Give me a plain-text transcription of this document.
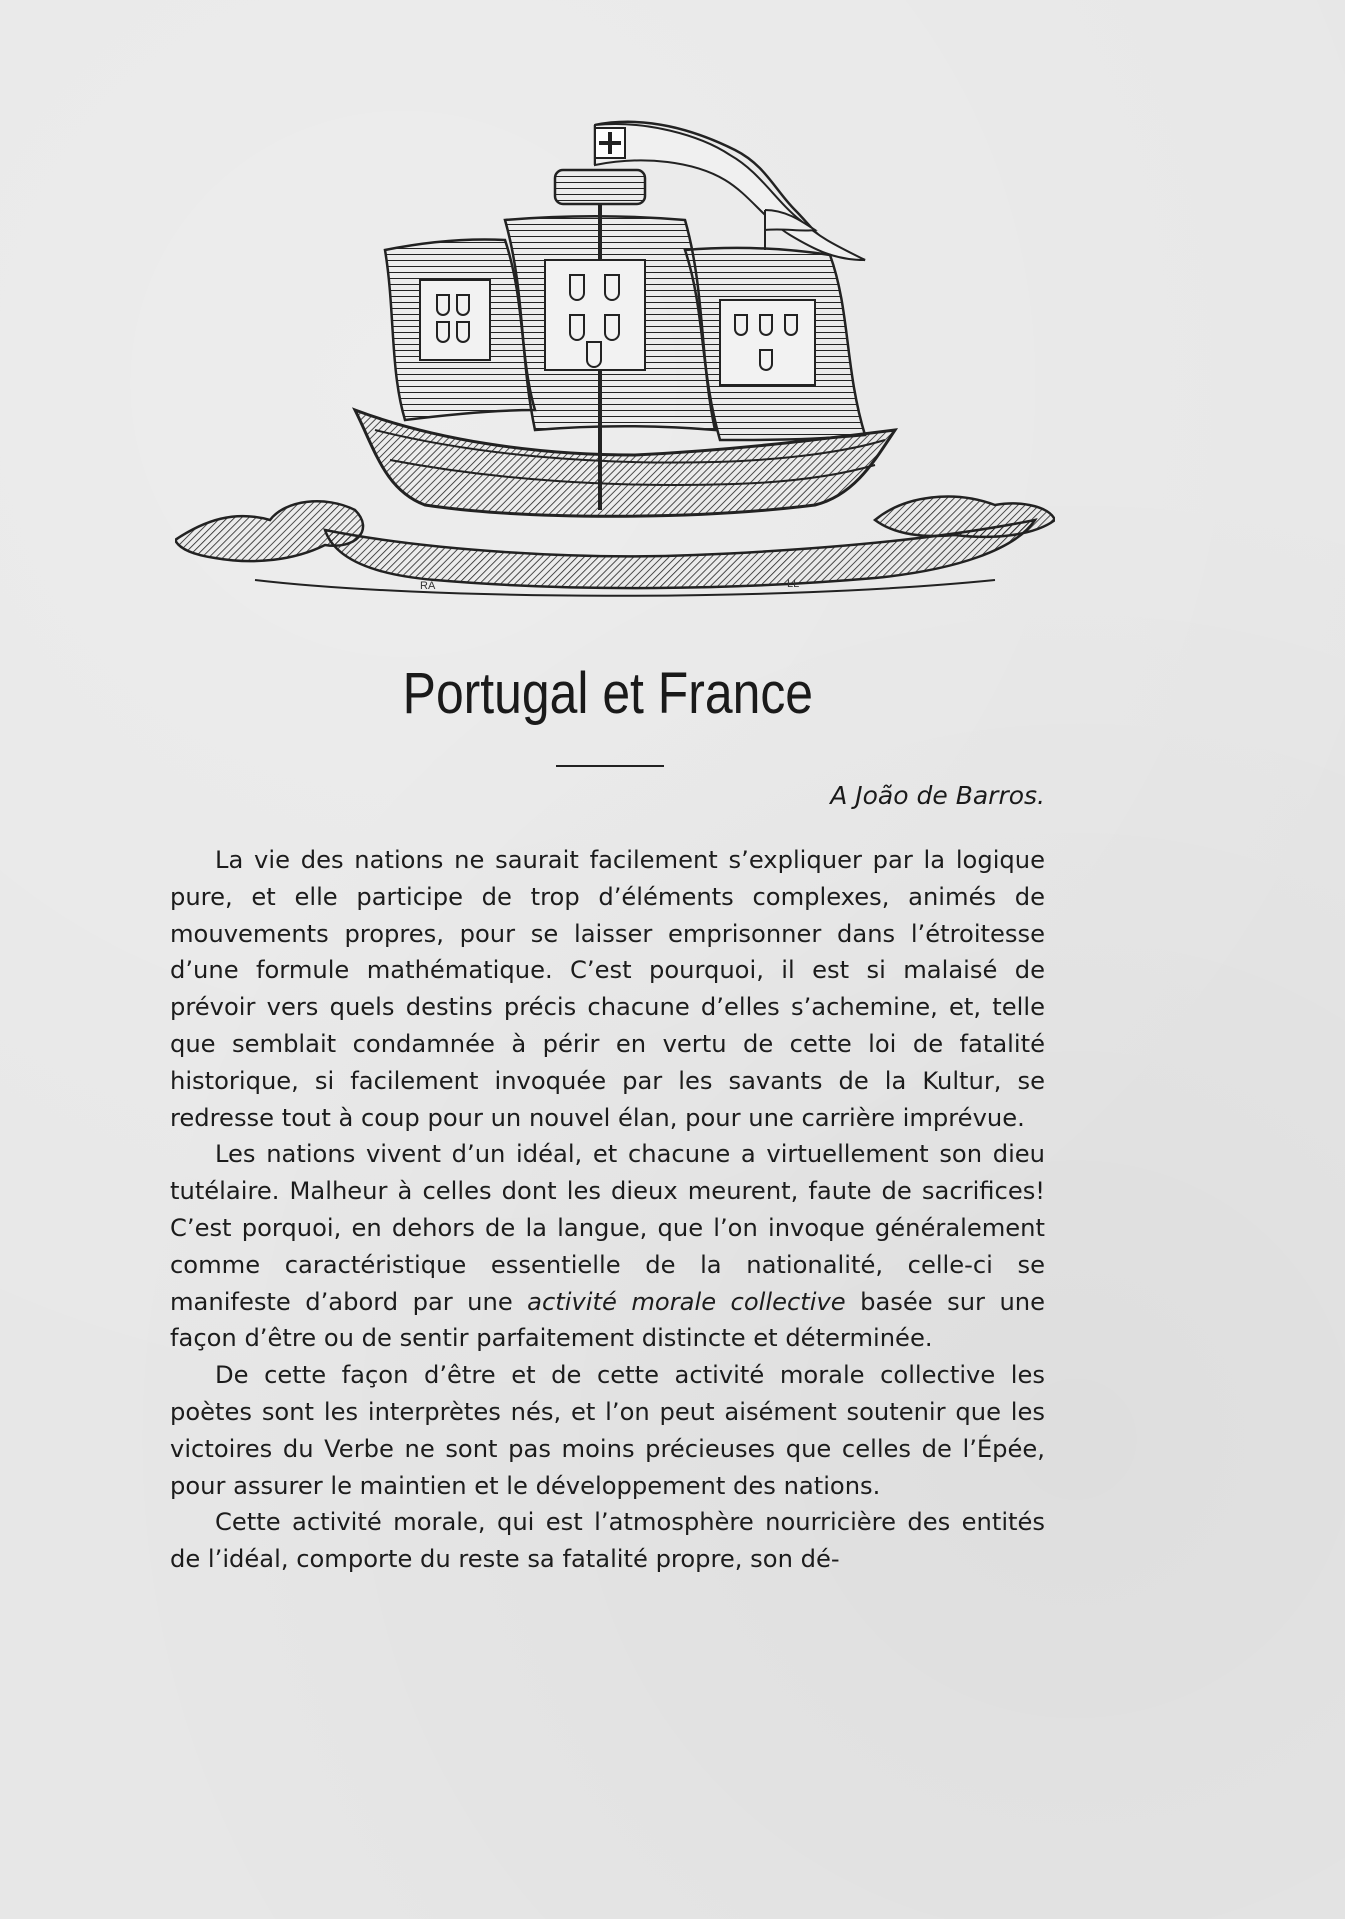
RA	LL
Portugal et France
A João de Barros.

La vie des nations ne saurait facilement s’expliquer par la logique pure, et elle participe de trop d’éléments complexes, animés de mouvements propres, pour se laisser emprisonner dans l’étroitesse d’une formule mathématique. C’est pourquoi, il est si malaisé de prévoir vers quels destins précis chacune d’elles s’achemine, et, telle que semblait condamnée à périr en vertu de cette loi de fatalité historique, si facilement invoquée par les savants de la Kultur, se redresse tout à coup pour un nouvel élan, pour une carrière imprévue.

Les nations vivent d’un idéal, et chacune a virtuellement son dieu tutélaire. Malheur à celles dont les dieux meurent, faute de sacrifices! C’est porquoi, en dehors de la langue, que l’on invoque généralement comme caractéristique essentielle de la nationalité, celle-ci se manifeste d’abord par une activité morale collective basée sur une façon d’être ou de sentir parfaitement distincte et déterminée.

De cette façon d’être et de cette activité morale collective les poètes sont les interprètes nés, et l’on peut aisément soutenir que les victoires du Verbe ne sont pas moins précieuses que celles de l’Épée, pour assurer le maintien et le développement des nations.

Cette activité morale, qui est l’atmosphère nourricière des entités de l’idéal, comporte du reste sa fatalité propre, son dé-
